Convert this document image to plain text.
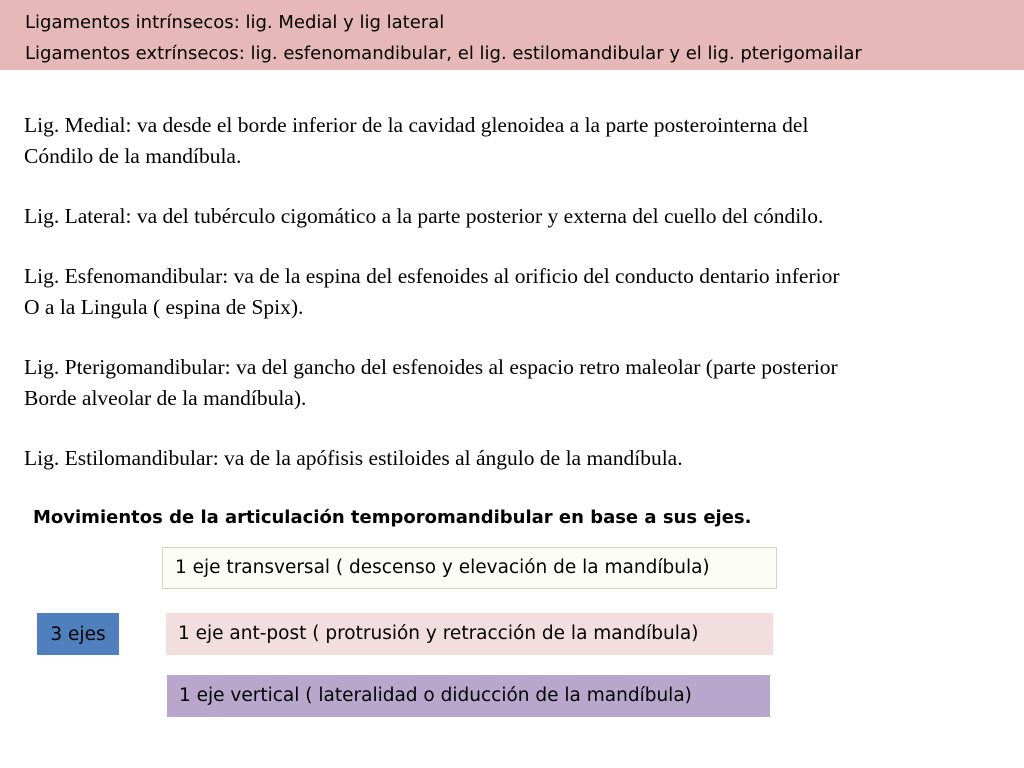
Ligamentos intrínsecos: lig. Medial y lig lateral
Ligamentos extrínsecos: lig. esfenomandibular, el lig. estilomandibular y el lig. pterigomailar

Lig. Medial: va desde el borde inferior de la cavidad glenoidea a la parte posterointerna del
Cóndilo de la mandíbula.

Lig. Lateral: va del tubérculo cigomático a la parte posterior y externa del cuello del cóndilo.

Lig. Esfenomandibular: va de la espina del esfenoides al orificio del conducto dentario inferior
O a la Lingula ( espina de Spix).

Lig. Pterigomandibular: va del gancho del esfenoides al espacio retro maleolar (parte posterior
Borde alveolar de la mandíbula).

Lig. Estilomandibular: va de la apófisis estiloides al ángulo de la mandíbula.

Movimientos de la articulación temporomandibular en base a sus ejes.
1 eje transversal ( descenso y elevación de la mandíbula)
3 ejes	1 eje ant-post ( protrusión y retracción de la mandíbula)
1 eje vertical ( lateralidad o diducción de la mandíbula)
